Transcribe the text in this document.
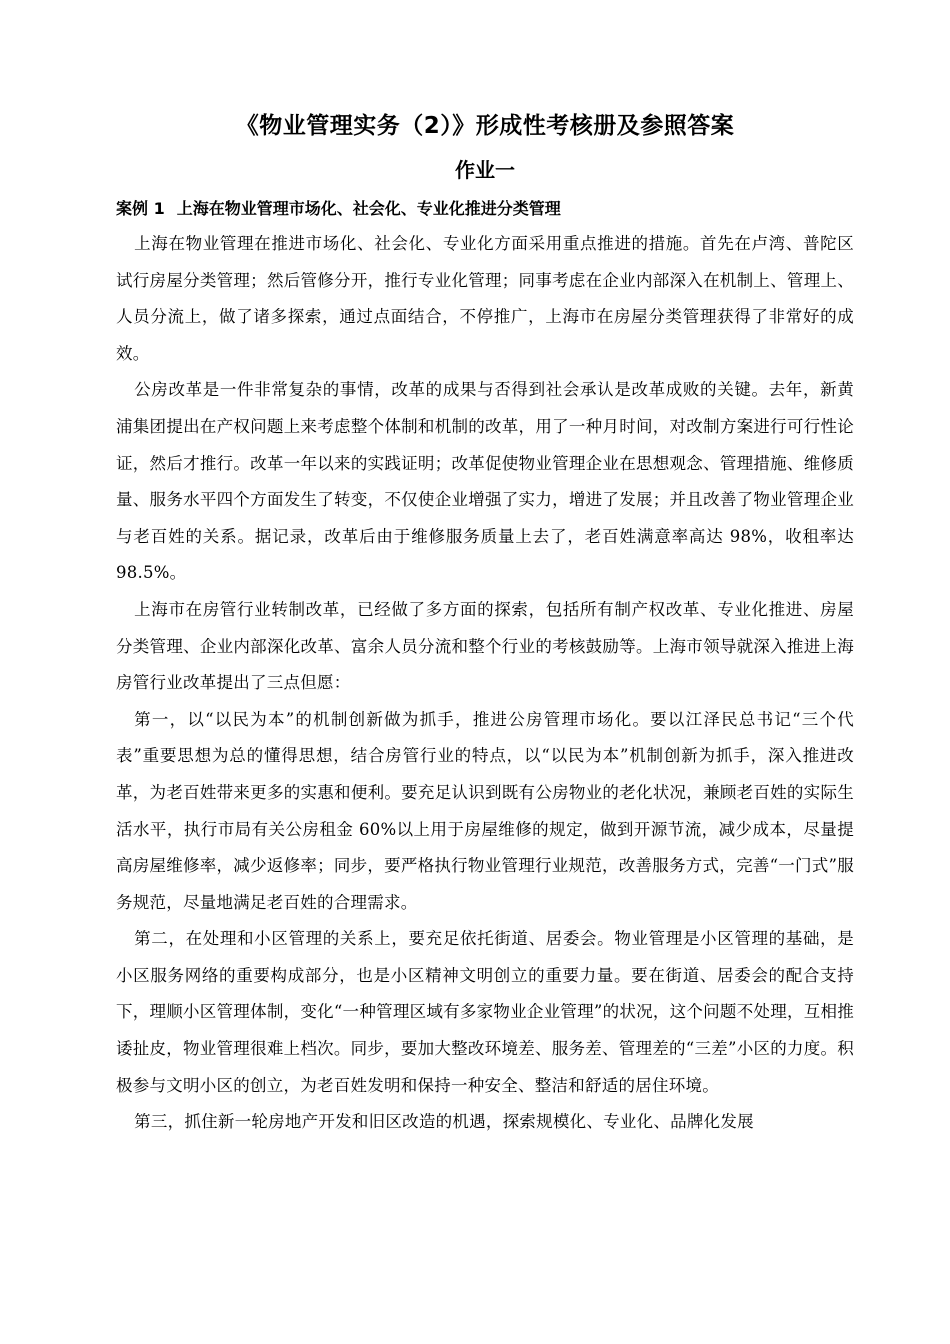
《物业管理实务（2）》形成性考核册及参照答案
作业一

案例 1 上海在物业管理市场化、社会化、专业化推进分类管理

上海在物业管理在推进市场化、社会化、专业化方面采用重点推进的措施。首先在卢湾、普陀区试行房屋分类管理；然后管修分开，推行专业化管理；同事考虑在企业内部深入在机制上、管理上、人员分流上，做了诸多探索，通过点面结合，不停推广，上海市在房屋分类管理获得了非常好的成效。

公房改革是一件非常复杂的事情，改革的成果与否得到社会承认是改革成败的关键。去年，新黄浦集团提出在产权问题上来考虑整个体制和机制的改革，用了一种月时间，对改制方案进行可行性论证，然后才推行。改革一年以来的实践证明；改革促使物业管理企业在思想观念、管理措施、维修质量、服务水平四个方面发生了转变，不仅使企业增强了实力，增进了发展；并且改善了物业管理企业与老百姓的关系。据记录，改革后由于维修服务质量上去了，老百姓满意率高达 98%，收租率达 98.5%。

上海市在房管行业转制改革，已经做了多方面的探索，包括所有制产权改革、专业化推进、房屋分类管理、企业内部深化改革、富余人员分流和整个行业的考核鼓励等。上海市领导就深入推进上海房管行业改革提出了三点但愿：

第一，以“以民为本”的机制创新做为抓手，推进公房管理市场化。要以江泽民总书记“三个代表”重要思想为总的懂得思想，结合房管行业的特点，以“以民为本”机制创新为抓手，深入推进改革，为老百姓带来更多的实惠和便利。要充足认识到既有公房物业的老化状况，兼顾老百姓的实际生活水平，执行市局有关公房租金 60%以上用于房屋维修的规定，做到开源节流，减少成本，尽量提高房屋维修率，减少返修率；同步，要严格执行物业管理行业规范，改善服务方式，完善“一门式”服务规范，尽量地满足老百姓的合理需求。

第二，在处理和小区管理的关系上，要充足依托街道、居委会。物业管理是小区管理的基础，是小区服务网络的重要构成部分，也是小区精神文明创立的重要力量。要在街道、居委会的配合支持下，理顺小区管理体制，变化“一种管理区域有多家物业企业管理”的状况，这个问题不处理，互相推诿扯皮，物业管理很难上档次。同步，要加大整改环境差、服务差、管理差的“三差”小区的力度。积极参与文明小区的创立，为老百姓发明和保持一种安全、整洁和舒适的居住环境。

第三，抓住新一轮房地产开发和旧区改造的机遇，探索规模化、专业化、品牌化发展
